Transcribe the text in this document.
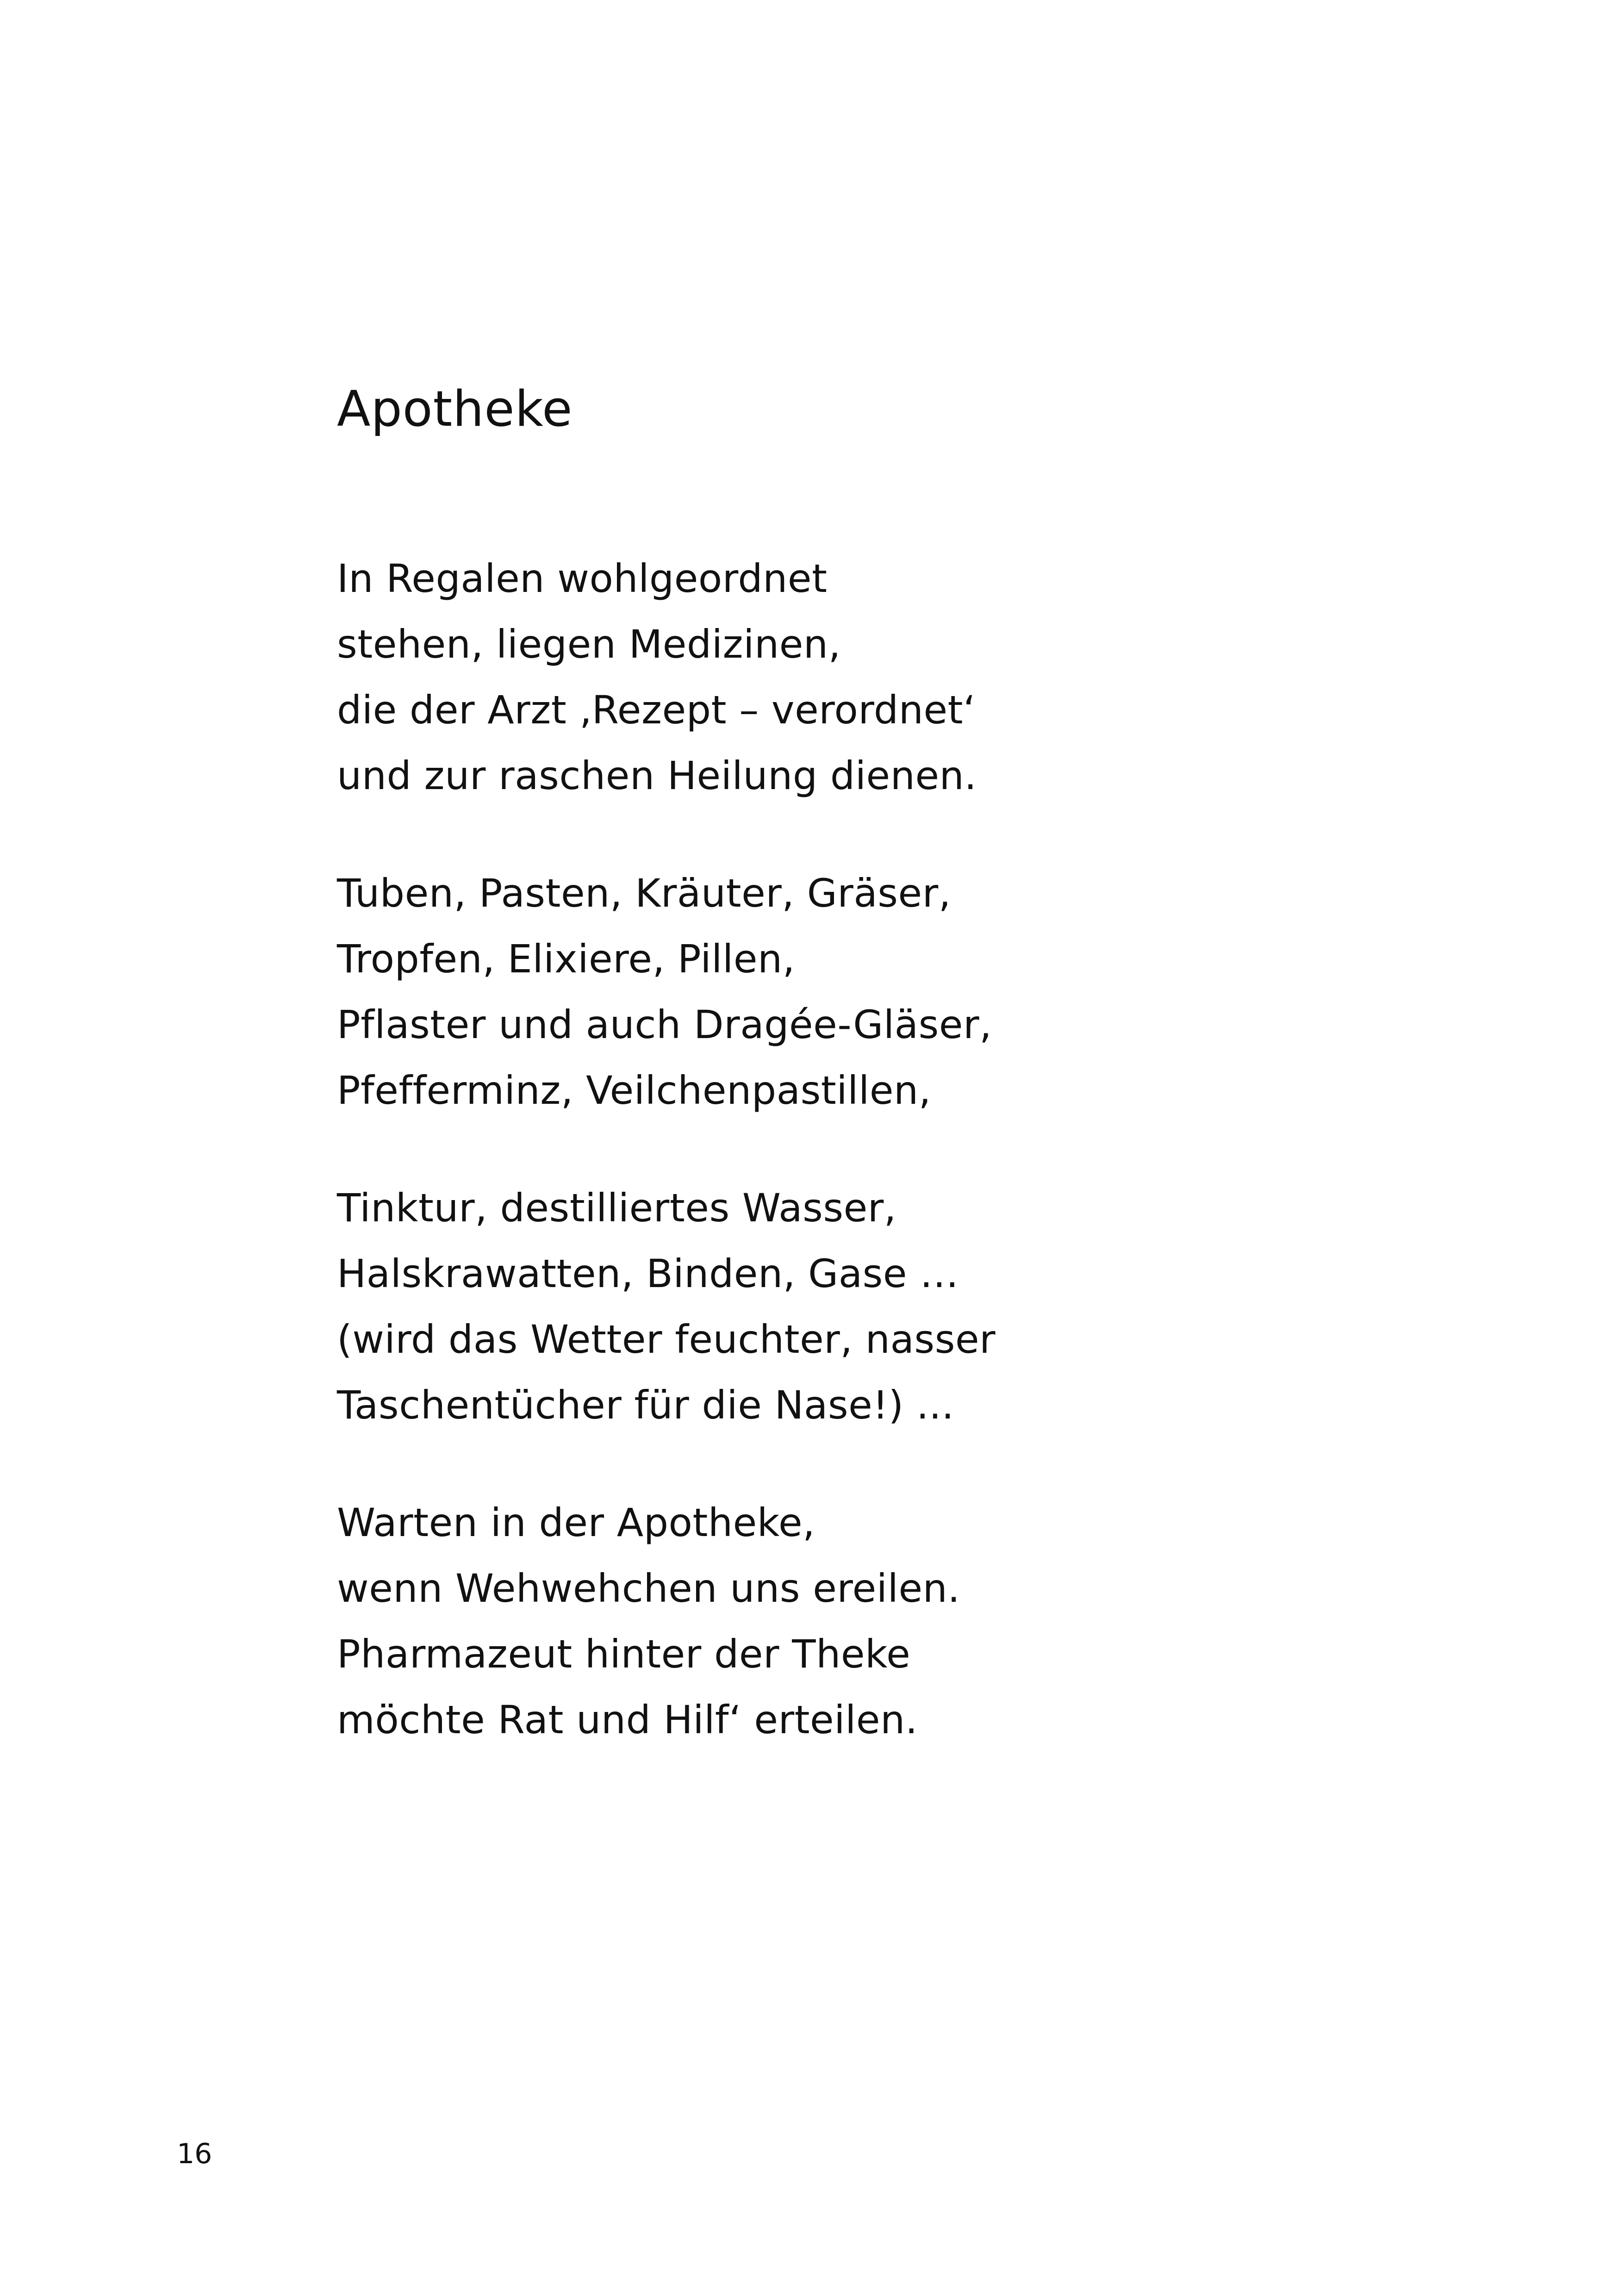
Apotheke
In Regalen wohlgeordnet
stehen, liegen Medizinen,
die der Arzt ‚Rezept – verordnet‘
und zur raschen Heilung dienen.
Tuben, Pasten, Kräuter, Gräser,
Tropfen, Elixiere, Pillen,
Pflaster und auch Dragée-Gläser,
Pfefferminz, Veilchenpastillen,
Tinktur, destilliertes Wasser,
Halskrawatten, Binden, Gase …
(wird das Wetter feuchter, nasser
Taschentücher für die Nase!) ...
Warten in der Apotheke,
wenn Wehwehchen uns ereilen.
Pharmazeut hinter der Theke
möchte Rat und Hilf‘ erteilen.
16
